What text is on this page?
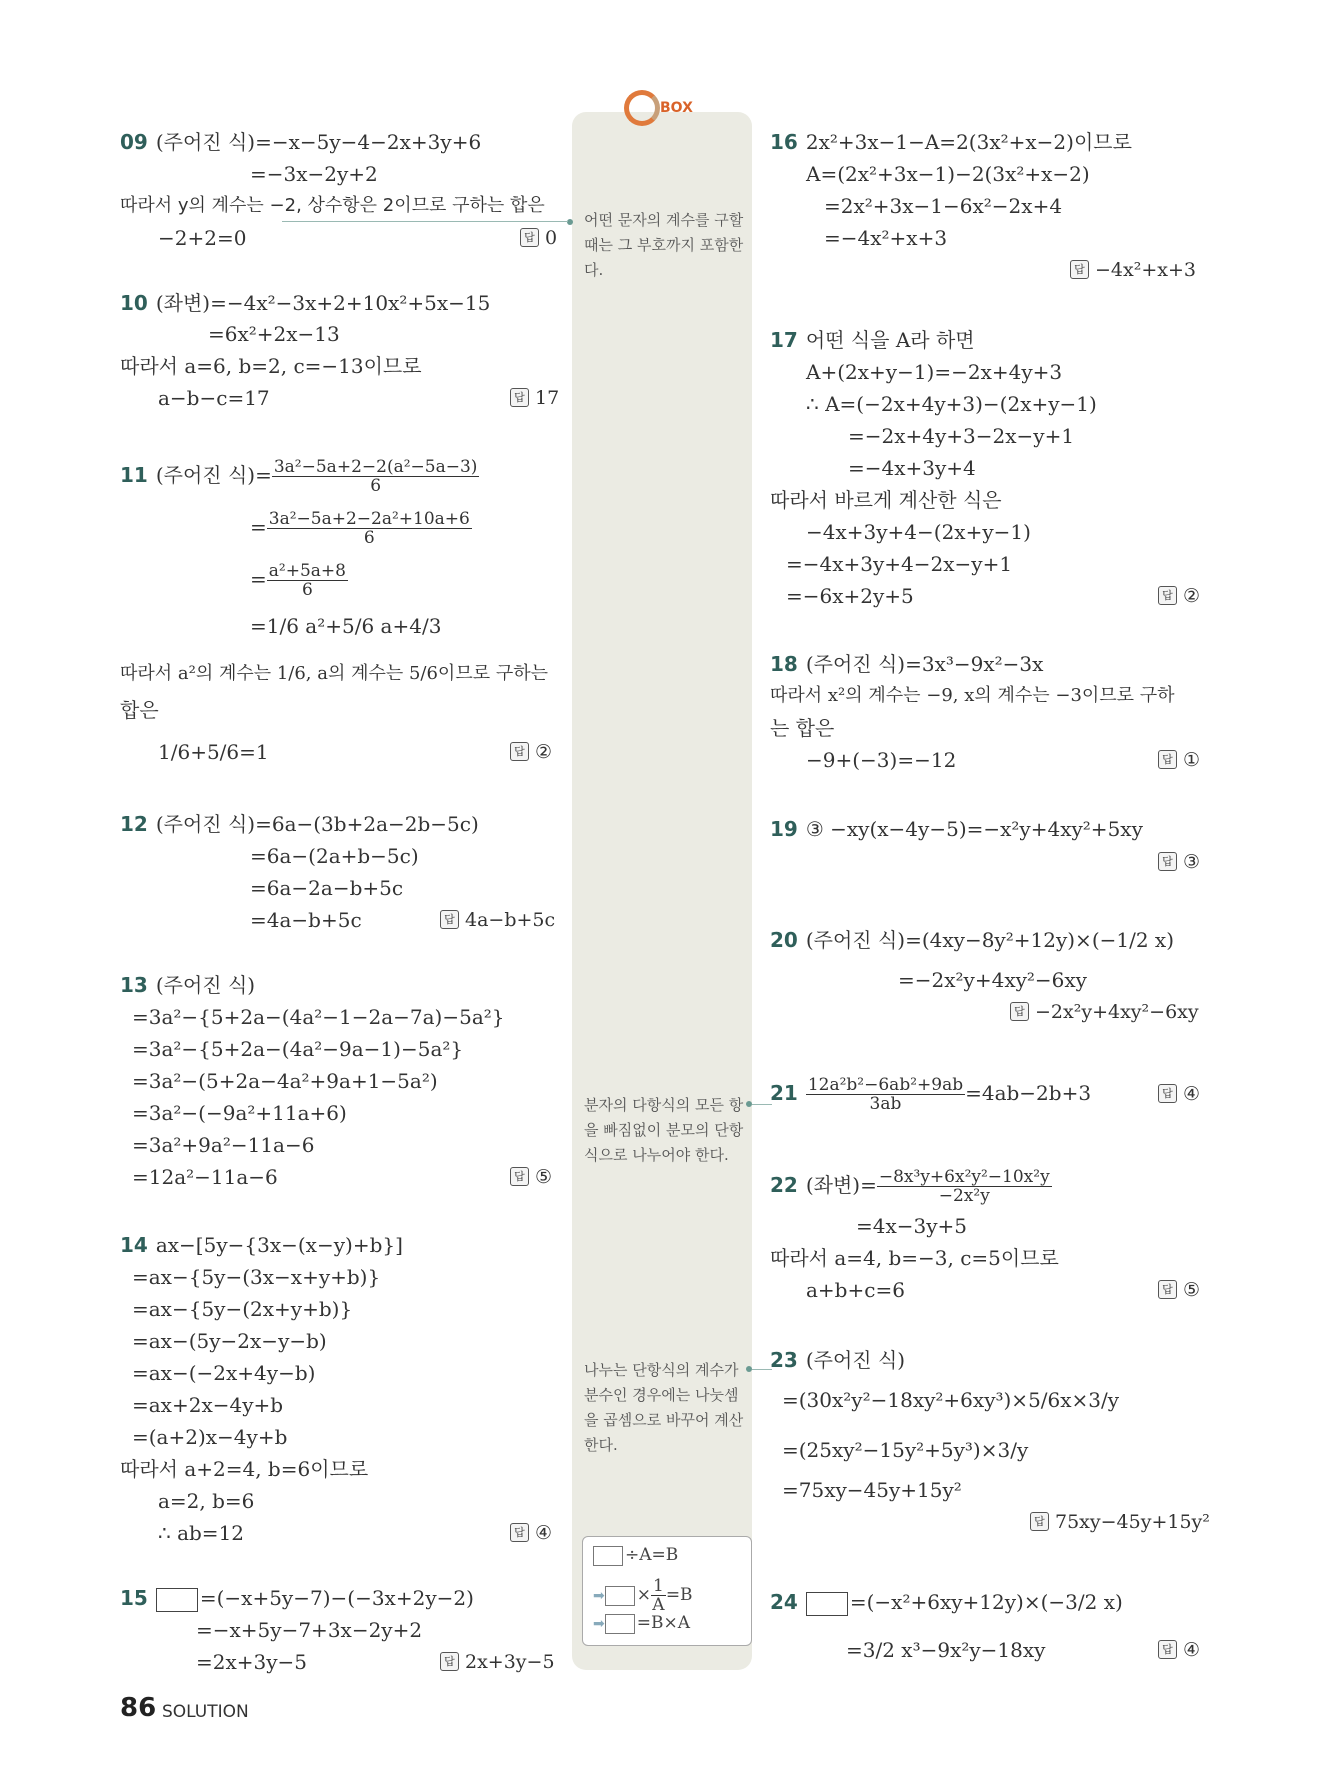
BOX
어떤 문자의 계수를 구할 때는 그 부호까지 포함한다.
분자의 다항식의 모든 항을 빠짐없이 분모의 단항식으로 나누어야 한다.
나누는 단항식의 계수가 분수인 경우에는 나눗셈을 곱셈으로 바꾸어 계산한다.
÷A=B
➡ × $\frac{1}{A} =B$
➡ =B×A
09 (주어진 식)=−x−5y−4−2x+3y+6
=−3x−2y+2
따라서 y의 계수는 −2, 상수항은 2이므로 구하는 합은
−2+2=0	답 0
10 (좌변)=−4x²−3x+2+10x²+5x−15
=6x²+2x−13
따라서 a=6, b=2, c=−13이므로
a−b−c=17	답 17
11 (주어진 식)= $\frac{\text{3a²−5a+2−2(a²−5a−3)}}{6}$
= $\frac{\text{3a²−5a+2−2a²+10a+6}}{6}$
= $\frac{\text{a²+5a+8}}{6}$
=1/6 a²+5/6 a+4/3
따라서 a²의 계수는 1/6, a의 계수는 5/6이므로 구하는
합은
1/6+5/6=1	답 ②
12 (주어진 식)=6a−(3b+2a−2b−5c)
=6a−(2a+b−5c)
=6a−2a−b+5c
=4a−b+5c	답 4a−b+5c
13 (주어진 식)
=3a²−{5+2a−(4a²−1−2a−7a)−5a²}
=3a²−{5+2a−(4a²−9a−1)−5a²}
=3a²−(5+2a−4a²+9a+1−5a²)
=3a²−(−9a²+11a+6)
=3a²+9a²−11a−6
=12a²−11a−6	답 ⑤
14 ax−[5y−{3x−(x−y)+b}]
=ax−{5y−(3x−x+y+b)}
=ax−{5y−(2x+y+b)}
=ax−(5y−2x−y−b)
=ax−(−2x+4y−b)
=ax+2x−4y+b
=(a+2)x−4y+b
따라서 a+2=4, b=6이므로
a=2, b=6
∴ ab=12	답 ④
15	=(−x+5y−7)−(−3x+2y−2)
=−x+5y−7+3x−2y+2
=2x+3y−5	답 2x+3y−5
16 2x²+3x−1−A=2(3x²+x−2)이므로
A=(2x²+3x−1)−2(3x²+x−2)
=2x²+3x−1−6x²−2x+4
=−4x²+x+3
답 −4x²+x+3
17 어떤 식을 A라 하면
A+(2x+y−1)=−2x+4y+3
∴ A=(−2x+4y+3)−(2x+y−1)
=−2x+4y+3−2x−y+1
=−4x+3y+4
따라서 바르게 계산한 식은
−4x+3y+4−(2x+y−1)
=−4x+3y+4−2x−y+1
=−6x+2y+5	답 ②
18 (주어진 식)=3x³−9x²−3x
따라서 x²의 계수는 −9, x의 계수는 −3이므로 구하
는 합은
−9+(−3)=−12	답 ①
19 ③ −xy(x−4y−5)=−x²y+4xy²+5xy
답 ③
20 (주어진 식)=(4xy−8y²+12y)×(−1/2 x)
=−2x²y+4xy²−6xy
답 −2x²y+4xy²−6xy
$21 \frac{\text{12a²b²−6ab²+9ab}}{3ab} =4ab-2b+3$	답 ④
22 (좌변)= $\frac{\text{−8x³y+6x²y²−10x²y}}{\text{−2x²y}}$
=4x−3y+5
따라서 a=4, b=−3, c=5이므로
a+b+c=6	답 ⑤
23 (주어진 식)
=(30x²y²−18xy²+6xy³)×5/6x×3/y
=(25xy²−15y²+5y³)×3/y
=75xy−45y+15y²
답 75xy−45y+15y²
24	=(−x²+6xy+12y)×(−3/2 x)
=3/2 x³−9x²y−18xy	답 ④
86 SOLUTION
